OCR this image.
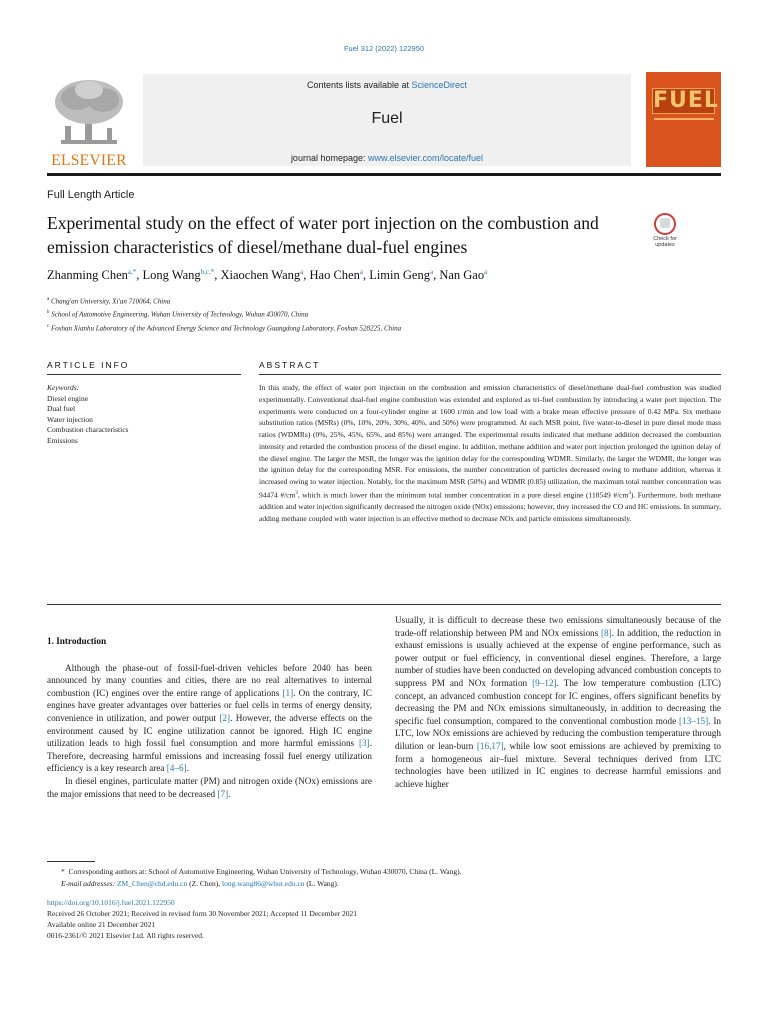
Fuel 312 (2022) 122950
ELSEVIER
Contents lists available at ScienceDirect
Fuel
journal homepage: www.elsevier.com/locate/fuel
FUEL
Full Length Article
Experimental study on the effect of water port injection on the combustion and emission characteristics of diesel/methane dual-fuel engines	Check for updates
Zhanming Chen$^{a,*}$, Long Wang$^{b,c,*}$, Xiaochen Wang$^a$, Hao Chen$^a$, Limin Geng$^a$, Nan Gao$^a$
$^a$ Chang'an University, Xi'an 710064, China
$^b$ School of Automotive Engineering, Wuhan University of Technology, Wuhan 430070, China
$^c$ Foshan Xianhu Laboratory of the Advanced Energy Science and Technology Guangdong Laboratory, Foshan 528225, China
ARTICLE INFO	ABSTRACT
Keywords:
Diesel engine
Dual fuel
Water injection
Combustion characteristics
Emissions
In this study, the effect of water port injection on the combustion and emission characteristics of diesel/methane dual-fuel combustion was studied experimentally. Conventional dual-fuel engine combustion was extended and explored as tri-fuel combustion by introducing a water port injection. The experiments were conducted on a four-cylinder engine at 1600 r/min and low load with a brake mean effective pressure of 0.42 MPa. Six methane substitution ratios (MSRs) (0%, 10%, 20%, 30%, 40%, and 50%) were programmed. At each MSR point, five water-to-diesel in pure diesel mode mass ratios (WDMRs) (0%, 25%, 45%, 65%, and 85%) were arranged. The experimental results indicated that methane addition decreased the combustion intensity and retarded the combustion process of the diesel engine. In addition, methane addition and water port injection prolonged the ignition delay of the diesel engine. The larger the MSR, the longer was the ignition delay for the corresponding WDMR. Similarly, the larger the WDMR, the longer was the ignition delay for the corresponding MSR. For emissions, the number concentration of particles decreased owing to methane addition, whereas it increased owing to water injection. Notably, for the maximum MSR (50%) and WDMR (0.85) utilization, the maximum total number concentration was 94474 $\#/cm^3$, which is much lower than the minimum total number concentration in a pure diesel engine (118549 $\#/cm^3$). Furthermore, both methane addition and water injection significantly decreased the nitrogen oxide (NOx) emissions; however, they increased the CO and HC emissions. In summary, adding methane coupled with water injection is an effective method to decrease NOx and particle emissions simultaneously.

1. Introduction

Although the phase-out of fossil-fuel-driven vehicles before 2040 has been announced by many counties and cities, there are no real alternatives to internal combustion (IC) engines over the entire range of applications [1]. On the contrary, IC engines have greater advantages over batteries or fuel cells in terms of energy density, convenience in utilization, and power output [2]. However, the adverse effects on the environment caused by IC engine utilization cannot be ignored. High IC engine utilization leads to high fossil fuel consumption and more harmful emissions [3]. Therefore, decreasing harmful emissions and increasing fossil fuel energy utilization efficiency is a key research area [4–6].

In diesel engines, particulate matter (PM) and nitrogen oxide (NOx) emissions are the major emissions that need to be decreased [7].

Usually, it is difficult to decrease these two emissions simultaneously because of the trade-off relationship between PM and NOx emissions [8]. In addition, the reduction in exhaust emissions is usually achieved at the expense of engine performance, such as power output or fuel efficiency, in conventional diesel engines. Therefore, a large number of studies have been conducted on developing advanced combustion concepts to suppress PM and NOx formation [9–12]. The low temperature combustion (LTC) concept, an advanced combustion concept for IC engines, offers significant benefits by decreasing the PM and NOx emissions simultaneously, in addition to decreasing the specific fuel consumption, compared to the conventional combustion mode [13–15]. In LTC, low NOx emissions are achieved by reducing the combustion temperature through dilution or lean-burn [16,17], while low soot emissions are achieved by premixing to form a homogeneous air–fuel mixture. Several techniques derived from LTC technologies have been utilized in IC engines to decrease harmful emissions and achieve higher

* Corresponding authors at: School of Automotive Engineering, Wuhan University of Technology, Wuhan 430070, China (L. Wang).
E-mail addresses: ZM_Chen@chd.edu.cn (Z. Chen), long.wang86@whut.edu.cn (L. Wang).
https://doi.org/10.1016/j.fuel.2021.122950
Received 26 October 2021; Received in revised form 30 November 2021; Accepted 11 December 2021
Available online 21 December 2021
0016-2361/© 2021 Elsevier Ltd. All rights reserved.
